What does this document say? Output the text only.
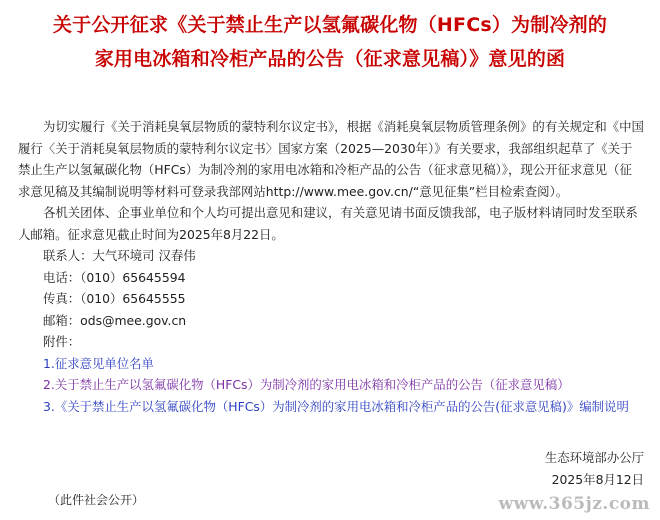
关于公开征求《关于禁止生产以氢氟碳化物（HFCs）为制冷剂的
家用电冰箱和冷柜产品的公告（征求意见稿）》意见的函

为切实履行《关于消耗臭氧层物质的蒙特利尔议定书》，根据《消耗臭氧层物质管理条例》的有关规定和《中国履行〈关于消耗臭氧层物质的蒙特利尔议定书〉国家方案（2025—2030年）》有关要求，我部组织起草了《关于禁止生产以氢氟碳化物（HFCs）为制冷剂的家用电冰箱和冷柜产品的公告（征求意见稿）》，现公开征求意见（征求意见稿及其编制说明等材料可登录我部网站http://www.mee.gov.cn/“意见征集”栏目检索查阅）。

各机关团体、企事业单位和个人均可提出意见和建议，有关意见请书面反馈我部，电子版材料请同时发至联系人邮箱。征求意见截止时间为2025年8月22日。

联系人：大气环境司 汉春伟
电话：（010）65645594
传真：（010）65645555
邮箱：ods@mee.gov.cn
附件：
1.征求意见单位名单
2.关于禁止生产以氢氟碳化物（HFCs）为制冷剂的家用电冰箱和冷柜产品的公告（征求意见稿）
3.《关于禁止生产以氢氟碳化物（HFCs）为制冷剂的家用电冰箱和冷柜产品的公告(征求意见稿)》编制说明
生态环境部办公厅
2025年8月12日
（此件社会公开）	www.365jz.com
